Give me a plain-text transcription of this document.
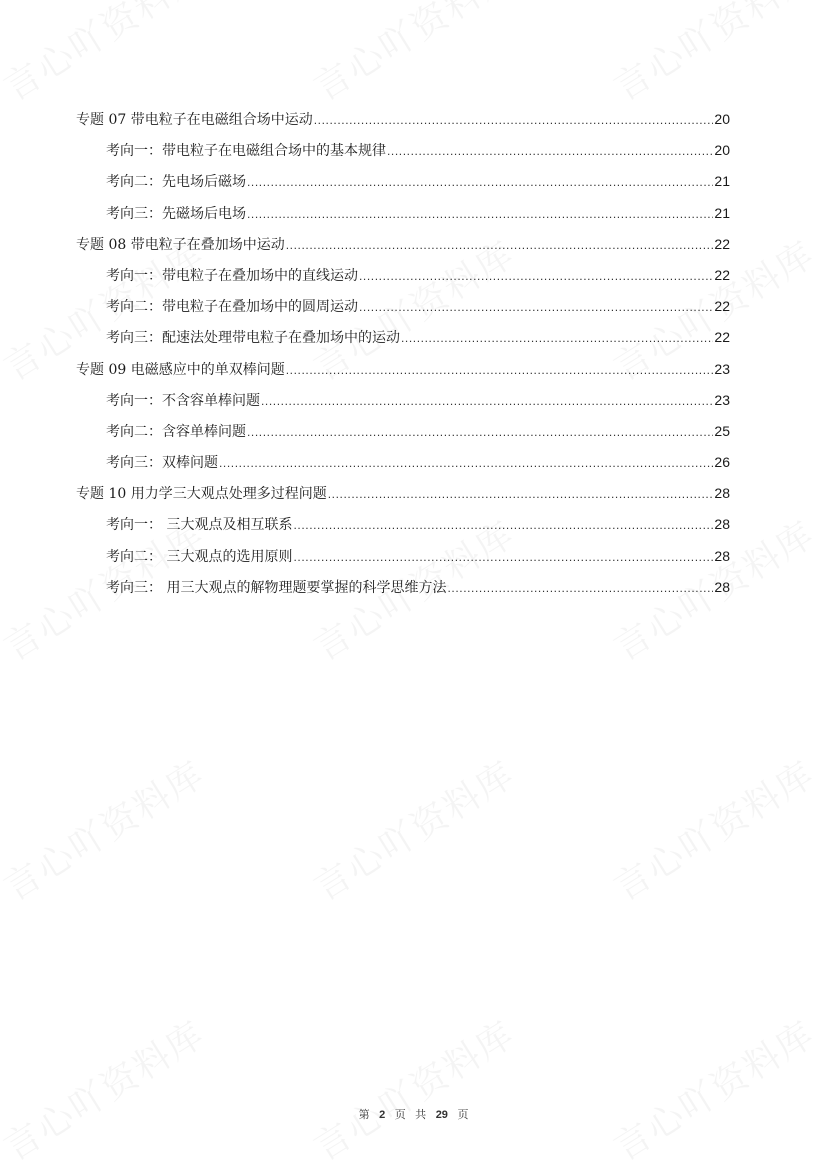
专题 07 带电粒子在电磁组合场中运动 .....	20
考向一：带电粒子在电磁组合场中的基本规律 .....	20
考向二：先电场后磁场 .....	21
考向三：先磁场后电场 .....	21
专题 08 带电粒子在叠加场中运动 .....	22
考向一：带电粒子在叠加场中的直线运动 .....	22
考向二：带电粒子在叠加场中的圆周运动 .....	22
考向三：配速法处理带电粒子在叠加场中的运动 .....	22
专题 09 电磁感应中的单双棒问题 .....	23
考向一：不含容单棒问题 .....	23
考向二：含容单棒问题 .....	25
考向三：双棒问题 .....	26
专题 10 用力学三大观点处理多过程问题 .....	28
考向一： 三大观点及相互联系 .....	28
考向二： 三大观点的选用原则 .....	28
考向三： 用三大观点的解物理题要掌握的科学思维方法 .....	28
第 2 页 共 29 页
